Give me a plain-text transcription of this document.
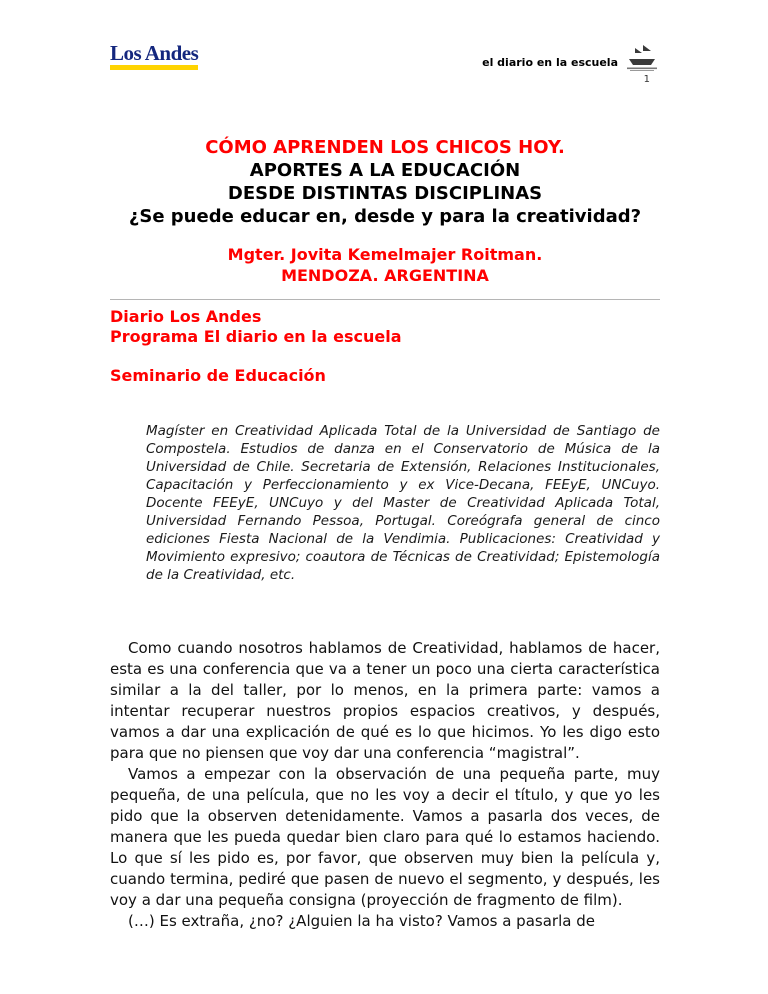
Los Andes	el diario en la escuela
1
CÓMO APRENDEN LOS CHICOS HOY.
APORTES A LA EDUCACIÓN
DESDE DISTINTAS DISCIPLINAS
¿Se puede educar en, desde y para la creatividad?
Mgter. Jovita Kemelmajer Roitman.
MENDOZA. ARGENTINA
Diario Los Andes
Programa El diario en la escuela
Seminario de Educación

Magíster en Creatividad Aplicada Total de la Universidad de Santiago de Compostela. Estudios de danza en el Conservatorio de Música de la Universidad de Chile. Secretaria de Extensión, Relaciones Institucionales, Capacitación y Perfeccionamiento y ex Vice-Decana, FEEyE, UNCuyo. Docente FEEyE, UNCuyo y del Master de Creatividad Aplicada Total, Universidad Fernando Pessoa, Portugal. Coreógrafa general de cinco ediciones Fiesta Nacional de la Vendimia. Publicaciones: Creatividad y Movimiento expresivo; coautora de Técnicas de Creatividad; Epistemología de la Creatividad, etc.

Como cuando nosotros hablamos de Creatividad, hablamos de hacer, esta es una conferencia que va a tener un poco una cierta característica similar a la del taller, por lo menos, en la primera parte: vamos a intentar recuperar nuestros propios espacios creativos, y después, vamos a dar una explicación de qué es lo que hicimos. Yo les digo esto para que no piensen que voy dar una conferencia “magistral”.

Vamos a empezar con la observación de una pequeña parte, muy pequeña, de una película, que no les voy a decir el título, y que yo les pido que la observen detenidamente. Vamos a pasarla dos veces, de manera que les pueda quedar bien claro para qué lo estamos haciendo. Lo que sí les pido es, por favor, que observen muy bien la película y, cuando termina, pediré que pasen de nuevo el segmento, y después, les voy a dar una pequeña consigna (proyección de fragmento de film).

(…) Es extraña, ¿no? ¿Alguien la ha visto? Vamos a pasarla de
